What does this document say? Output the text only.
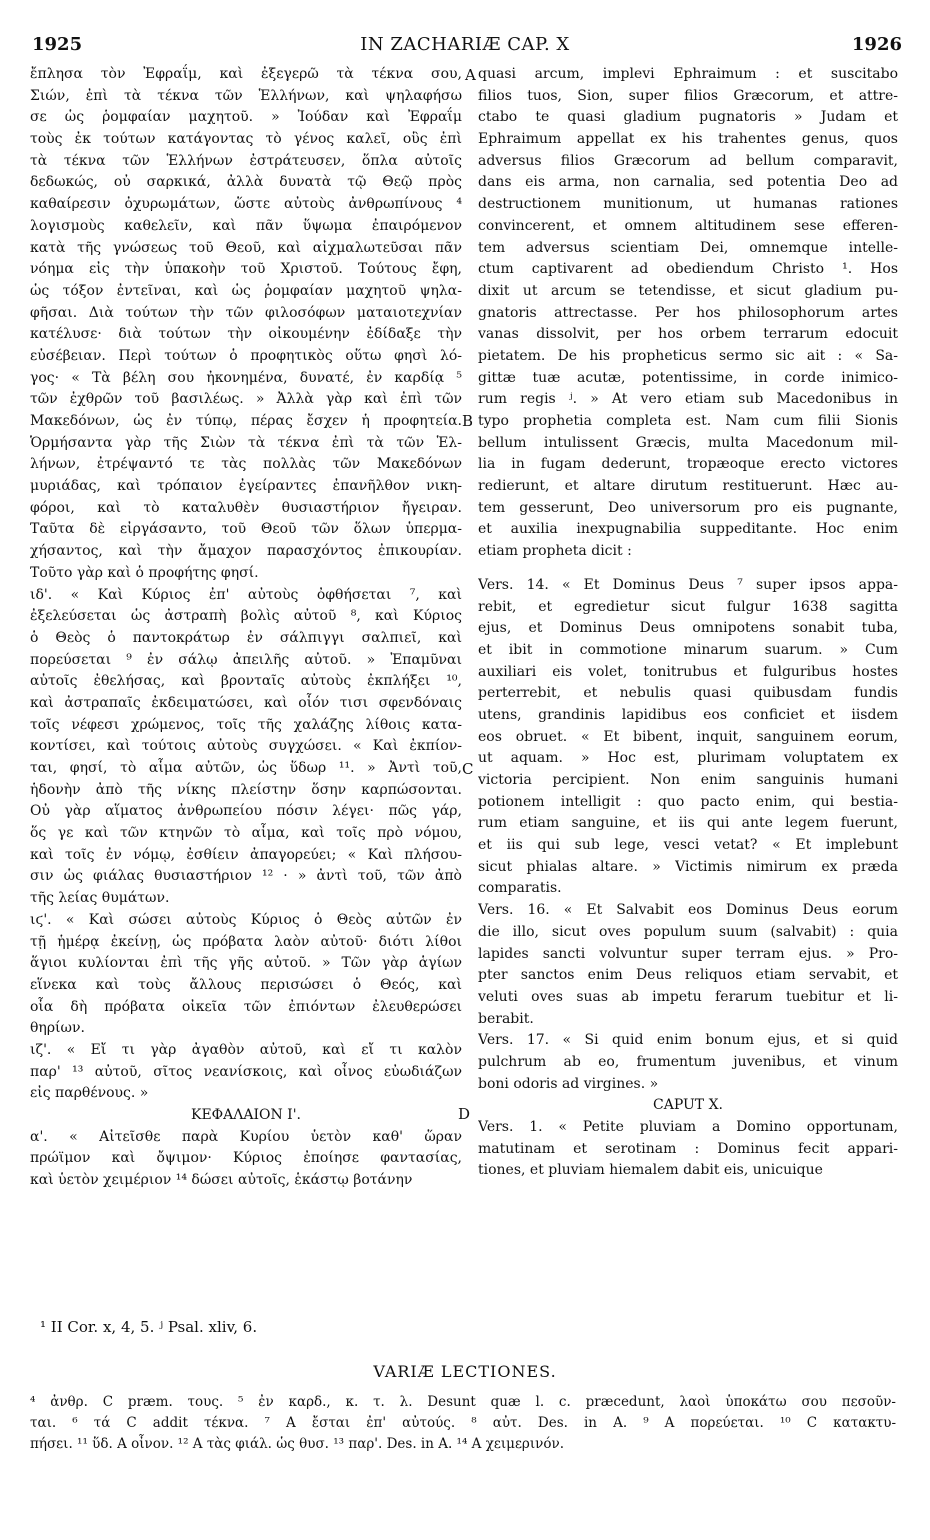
1925	IN ZACHARIÆ CAP. X	1926
ἔπλησα τὸν Ἐφραΐμ, καὶ ἐξεγερῶ τὰ τέκνα σου,
Σιών, ἐπὶ τὰ τέκνα τῶν Ἑλλήνων, καὶ ψηλαφήσω
σε ὡς ῥομφαίαν μαχητοῦ. » Ἰούδαν καὶ Ἐφραΐμ
τοὺς ἐκ τούτων κατάγοντας τὸ γένος καλεῖ, οὓς ἐπὶ
τὰ τέκνα τῶν Ἑλλήνων ἐστράτευσεν, ὅπλα αὐτοῖς
δεδωκώς, οὐ σαρκικά, ἀλλὰ δυνατὰ τῷ Θεῷ πρὸς
καθαίρεσιν ὀχυρωμάτων, ὥστε αὐτοὺς ἀνθρωπίνους ⁴
λογισμοὺς καθελεῖν, καὶ πᾶν ὕψωμα ἐπαιρόμενον
κατὰ τῆς γνώσεως τοῦ Θεοῦ, καὶ αἰχμαλωτεῦσαι πᾶν
νόημα εἰς τὴν ὑπακοὴν τοῦ Χριστοῦ. Τούτους ἔφη,
ὡς τόξον ἐντεῖναι, καὶ ὡς ῥομφαίαν μαχητοῦ ψηλα-
φῆσαι. Διὰ τούτων τὴν τῶν φιλοσόφων ματαιοτεχνίαν
κατέλυσε· διὰ τούτων τὴν οἰκουμένην ἐδίδαξε τὴν
εὐσέβειαν. Περὶ τούτων ὁ προφητικὸς οὕτω φησὶ λό-
γος· « Τὰ βέλη σου ἠκονημένα, δυνατέ, ἐν καρδίᾳ ⁵
τῶν ἐχθρῶν τοῦ βασιλέως. » Ἀλλὰ γὰρ καὶ ἐπὶ τῶν
Μακεδόνων, ὡς ἐν τύπῳ, πέρας ἔσχεν ἡ προφητεία.
Ὁρμήσαντα γὰρ τῆς Σιὼν τὰ τέκνα ἐπὶ τὰ τῶν Ἑλ-
λήνων, ἐτρέψαντό τε τὰς πολλὰς τῶν Μακεδόνων
μυριάδας, καὶ τρόπαιον ἐγείραντες ἐπανῆλθον νικη-
φόροι, καὶ τὸ καταλυθὲν θυσιαστήριον ἤγειραν.
Ταῦτα δὲ εἰργάσαντο, τοῦ Θεοῦ τῶν ὅλων ὑπερμα-
χήσαντος, καὶ τὴν ἄμαχον παρασχόντος ἐπικουρίαν.
Τοῦτο γὰρ καὶ ὁ προφήτης φησί.
ιδ'. « Καὶ Κύριος ἐπ' αὐτοὺς ὀφθήσεται ⁷, καὶ
ἐξελεύσεται ὡς ἀστραπὴ βολὶς αὐτοῦ ⁸, καὶ Κύριος
ὁ Θεὸς ὁ παντοκράτωρ ἐν σάλπιγγι σαλπιεῖ, καὶ
πορεύσεται ⁹ ἐν σάλῳ ἀπειλῆς αὐτοῦ. » Ἐπαμῦναι
αὐτοῖς ἐθελήσας, καὶ βρονταῖς αὐτοὺς ἐκπλήξει ¹⁰,
καὶ ἀστραπαῖς ἐκδειματώσει, καὶ οἷόν τισι σφενδόναις
τοῖς νέφεσι χρώμενος, τοῖς τῆς χαλάζης λίθοις κατα-
κοντίσει, καὶ τούτοις αὐτοὺς συγχώσει. « Καὶ ἐκπίον-
ται, φησί, τὸ αἷμα αὐτῶν, ὡς ὕδωρ ¹¹. » Ἀντὶ τοῦ,
ἡδονὴν ἀπὸ τῆς νίκης πλείστην ὅσην καρπώσονται.
Οὐ γὰρ αἵματος ἀνθρωπείου πόσιν λέγει· πῶς γάρ,
ὅς γε καὶ τῶν κτηνῶν τὸ αἷμα, καὶ τοῖς πρὸ νόμου,
καὶ τοῖς ἐν νόμῳ, ἐσθίειν ἀπαγορεύει; « Καὶ πλήσου-
σιν ὡς φιάλας θυσιαστήριον ¹² · » ἀντὶ τοῦ, τῶν ἀπὸ
τῆς λείας θυμάτων.
ιϛ'. « Καὶ σώσει αὐτοὺς Κύριος ὁ Θεὸς αὐτῶν ἐν
τῇ ἡμέρᾳ ἐκείνῃ, ὡς πρόβατα λαὸν αὐτοῦ· διότι λίθοι
ἅγιοι κυλίονται ἐπὶ τῆς γῆς αὐτοῦ. » Τῶν γὰρ ἁγίων
εἵνεκα καὶ τοὺς ἄλλους περισώσει ὁ Θεός, καὶ
οἷα δὴ πρόβατα οἰκεῖα τῶν ἐπιόντων ἐλευθερώσει
θηρίων.
ιζ'. « Εἴ τι γὰρ ἀγαθὸν αὐτοῦ, καὶ εἴ τι καλὸν
παρ' ¹³ αὐτοῦ, σῖτος νεανίσκοις, καὶ οἶνος εὐωδιάζων
εἰς παρθένους. »
ΚΕΦΑΛΑΙΟΝ Ι'.
α'. « Αἰτεῖσθε παρὰ Κυρίου ὑετὸν καθ' ὥραν
πρώϊμον καὶ ὄψιμον· Κύριος ἐποίησε φαντασίας,
καὶ ὑετὸν χειμέριον ¹⁴ δώσει αὐτοῖς, ἑκάστῳ βοτάνην
quasi arcum, implevi Ephraimum : et suscitabo
filios tuos, Sion, super filios Græcorum, et attre-
ctabo te quasi gladium pugnatoris » Judam et
Ephraimum appellat ex his trahentes genus, quos
adversus filios Græcorum ad bellum comparavit,
dans eis arma, non carnalia, sed potentia Deo ad
destructionem munitionum, ut humanas rationes
convincerent, et omnem altitudinem sese efferen-
tem adversus scientiam Dei, omnemque intelle-
ctum captivarent ad obediendum Christo ¹. Hos
dixit ut arcum se tetendisse, et sicut gladium pu-
gnatoris attrectasse. Per hos philosophorum artes
vanas dissolvit, per hos orbem terrarum edocuit
pietatem. De his propheticus sermo sic ait : « Sa-
gittæ tuæ acutæ, potentissime, in corde inimico-
rum regis ʲ. » At vero etiam sub Macedonibus in
typo prophetia completa est. Nam cum filii Sionis
bellum intulissent Græcis, multa Macedonum mil-
lia in fugam dederunt, tropæoque erecto victores
redierunt, et altare dirutum restituerunt. Hæc au-
tem gesserunt, Deo universorum pro eis pugnante,
et auxilia inexpugnabilia suppeditante. Hoc enim
etiam propheta dicit :
Vers. 14. « Et Dominus Deus ⁷ super ipsos appa-
rebit, et egredietur sicut fulgur 1638 sagitta
ejus, et Dominus Deus omnipotens sonabit tuba,
et ibit in commotione minarum suarum. » Cum
auxiliari eis volet, tonitrubus et fulguribus hostes
perterrebit, et nebulis quasi quibusdam fundis
utens, grandinis lapidibus eos conficiet et iisdem
eos obruet. « Et bibent, inquit, sanguinem eorum,
ut aquam. » Hoc est, plurimam voluptatem ex
victoria percipient. Non enim sanguinis humani
potionem intelligit : quo pacto enim, qui bestia-
rum etiam sanguine, et iis qui ante legem fuerunt,
et iis qui sub lege, vesci vetat? « Et implebunt
sicut phialas altare. » Victimis nimirum ex præda
comparatis.
Vers. 16. « Et Salvabit eos Dominus Deus eorum
die illo, sicut oves populum suum (salvabit) : quia
lapides sancti volvuntur super terram ejus. » Pro-
pter sanctos enim Deus reliquos etiam servabit, et
veluti oves suas ab impetu ferarum tuebitur et li-
berabit.
Vers. 17. « Si quid enim bonum ejus, et si quid
pulchrum ab eo, frumentum juvenibus, et vinum
boni odoris ad virgines. »
CAPUT X.
Vers. 1. « Petite pluviam a Domino opportunam,
matutinam et serotinam : Dominus fecit appari-
tiones, et pluviam hiemalem dabit eis, unicuique
A
B
C
D
¹ II Cor. x, 4, 5. ʲ Psal. xliv, 6.
VARIÆ LECTIONES.
⁴ ἀνθρ. C præm. τους. ⁵ ἐν καρδ., κ. τ. λ. Desunt quæ l. c. præcedunt, λαοὶ ὑποκάτω σου πεσοῦν-
ται. ⁶ τά C addit τέκνα. ⁷ A ἔσται ἐπ' αὐτούς. ⁸ αὐτ. Des. in A. ⁹ A πορεύεται. ¹⁰ C κατακτυ-
πήσει. ¹¹ ὕδ. A οἶνον. ¹² A τὰς φιάλ. ὡς θυσ. ¹³ παρ'. Des. in A. ¹⁴ A χειμερινόν.
